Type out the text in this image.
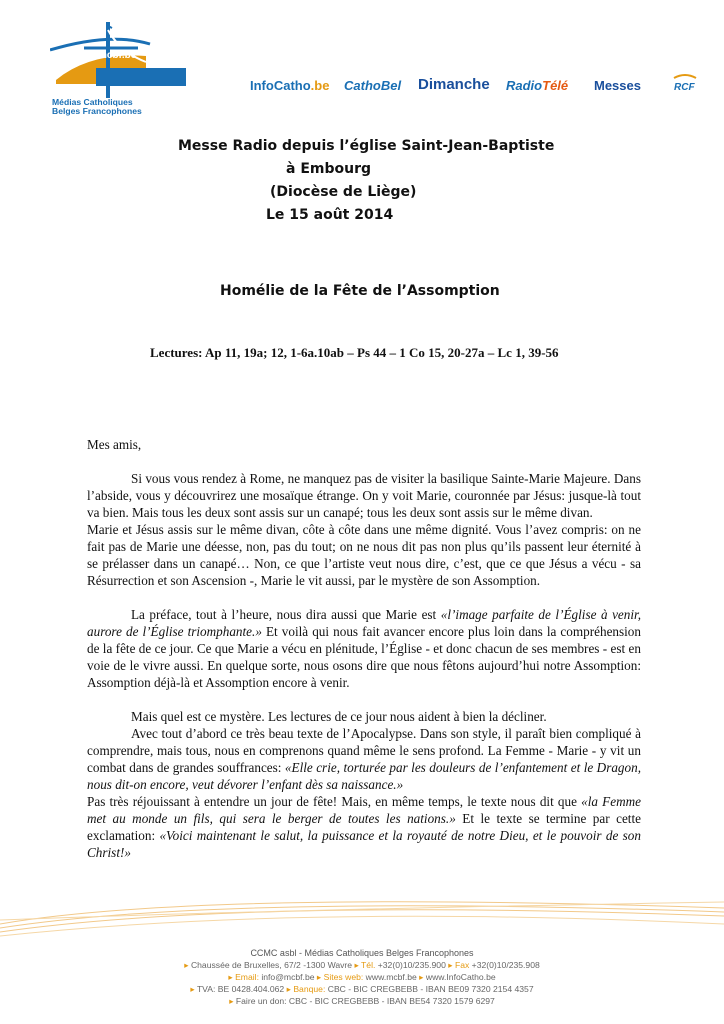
mcbf.be
Médias Catholiques
Belges Francophones
InfoCatho.be CathoBel Dimanche RadioTélé Messes	RCF
Messe Radio depuis l’église Saint-Jean-Baptiste
à Embourg
(Diocèse de Liège)
Le 15 août 2014
Homélie de la Fête de l’Assomption
Lectures: Ap 11, 19a; 12, 1-6a.10ab – Ps 44 – 1 Co 15, 20-27a – Lc 1, 39-56

Mes amis,

Si vous vous rendez à Rome, ne manquez pas de visiter la basilique Sainte-Marie Majeure. Dans l’abside, vous y découvrirez une mosaïque étrange. On y voit Marie, couronnée par Jésus: jusque-là tout va bien. Mais tous les deux sont assis sur un canapé; tous les deux sont assis sur le même divan.

Marie et Jésus assis sur le même divan, côte à côte dans une même dignité. Vous l’avez compris: on ne fait pas de Marie une déesse, non, pas du tout; on ne nous dit pas non plus qu’ils passent leur éternité à se prélasser dans un canapé… Non, ce que l’artiste veut nous dire, c’est, que ce que Jésus a vécu - sa Résurrection et son Ascension -, Marie le vit aussi, par le mystère de son Assomption.

La préface, tout à l’heure, nous dira aussi que Marie est «l’image parfaite de l’Église à venir, aurore de l’Église triomphante.» Et voilà qui nous fait avancer encore plus loin dans la compréhension de la fête de ce jour. Ce que Marie a vécu en plénitude, l’Église - et donc chacun de ses membres - est en voie de le vivre aussi. En quelque sorte, nous osons dire que nous fêtons aujourd’hui notre Assomption: Assomption déjà-là et Assomption encore à venir.

Mais quel est ce mystère. Les lectures de ce jour nous aident à bien la décliner.

Avec tout d’abord ce très beau texte de l’Apocalypse. Dans son style, il paraît bien compliqué à comprendre, mais tous, nous en comprenons quand même le sens profond. La Femme - Marie - y vit un combat dans de grandes souffrances: «Elle crie, torturée par les douleurs de l’enfantement et le Dragon, nous dit-on encore, veut dévorer l’enfant dès sa naissance.»

Pas très réjouissant à entendre un jour de fête! Mais, en même temps, le texte nous dit que «la Femme met au monde un fils, qui sera le berger de toutes les nations.» Et le texte se termine par cette exclamation: «Voici maintenant le salut, la puissance et la royauté de notre Dieu, et le pouvoir de son Christ!»

CCMC asbl - Médias Catholiques Belges Francophones
▸ Chaussée de Bruxelles, 67/2 -1300 Wavre ▸ Tél. +32(0)10/235.900 ▸ Fax +32(0)10/235.908
▸ Email: info@mcbf.be ▸ Sites web: www.mcbf.be ▸ www.InfoCatho.be
▸ TVA: BE 0428.404.062 ▸ Banque: CBC - BIC CREGBEBB - IBAN BE09 7320 2154 4357
▸ Faire un don: CBC - BIC CREGBEBB - IBAN BE54 7320 1579 6297
